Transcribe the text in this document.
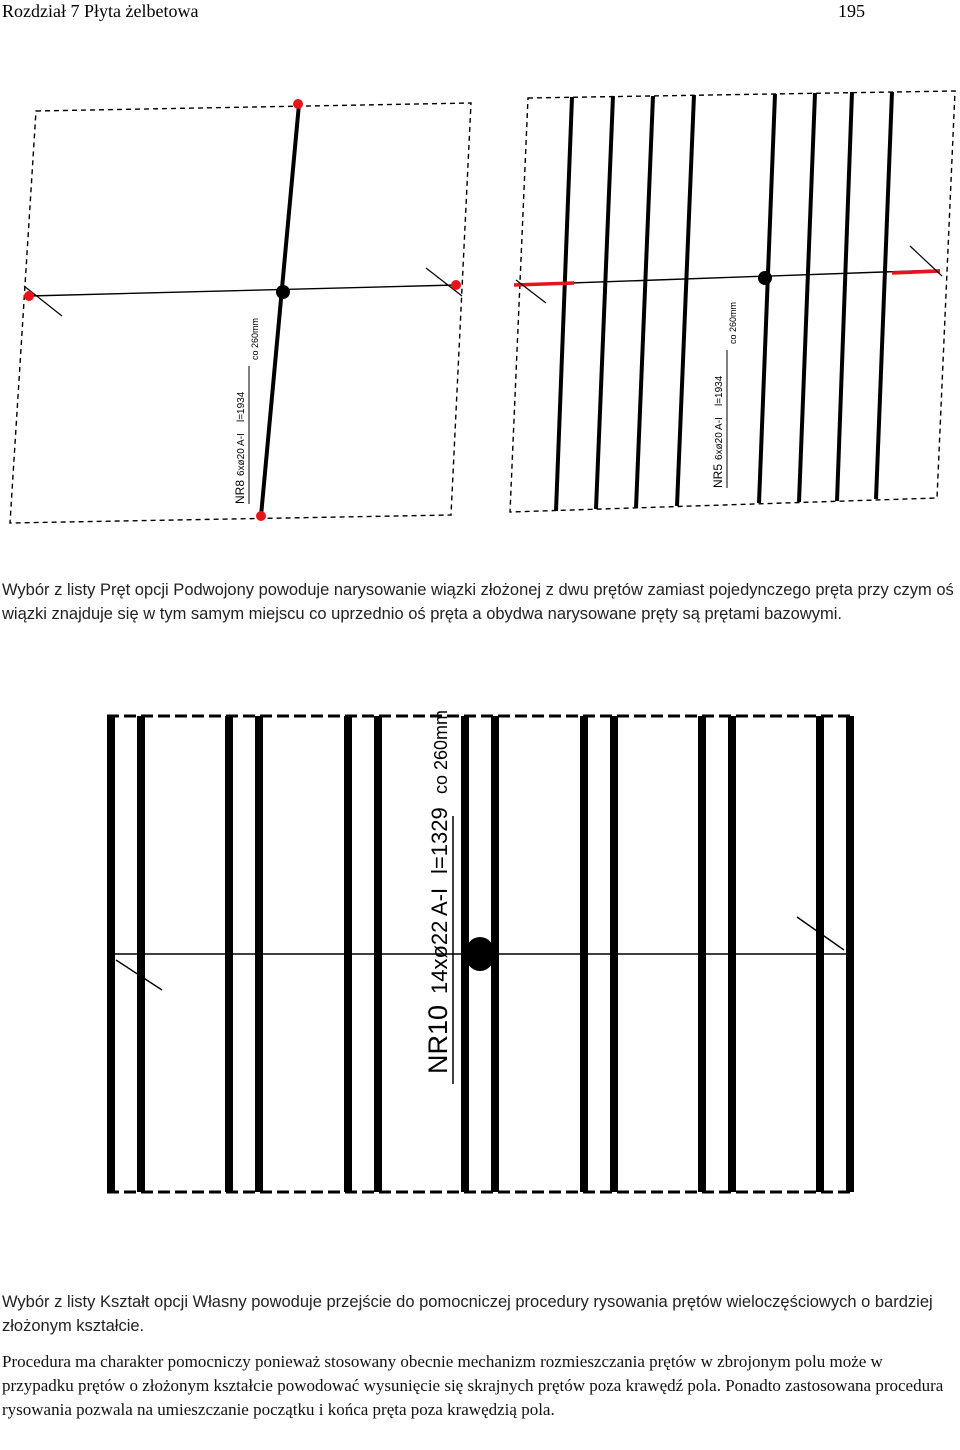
Rozdział 7 Płyta żelbetowa	195
NR8
6xø20 A-I
l=1934
co 260mm
NR5
6xø20 A-I
l=1934
co 260mm

Wybór z listy Pręt opcji Podwojony powoduje narysowanie wiązki złożonej z dwu prętów zamiast pojedynczego pręta przy czym oś wiązki znajduje się w tym samym miejscu co uprzednio oś pręta a obydwa narysowane pręty są prętami bazowymi.

NR10
14xø22
A-I
l=1329
co 260mm

Wybór z listy Kształt opcji Własny powoduje przejście do pomocniczej procedury rysowania prętów wieloczęściowych o bardziej złożonym kształcie.

Procedura ma charakter pomocniczy ponieważ stosowany obecnie mechanizm rozmieszczania prętów w zbrojonym polu może w przypadku prętów o złożonym kształcie powodować wysunięcie się skrajnych prętów poza krawędź pola. Ponadto zastosowana procedura rysowania pozwala na umieszczanie początku i końca pręta poza krawędzią pola.
